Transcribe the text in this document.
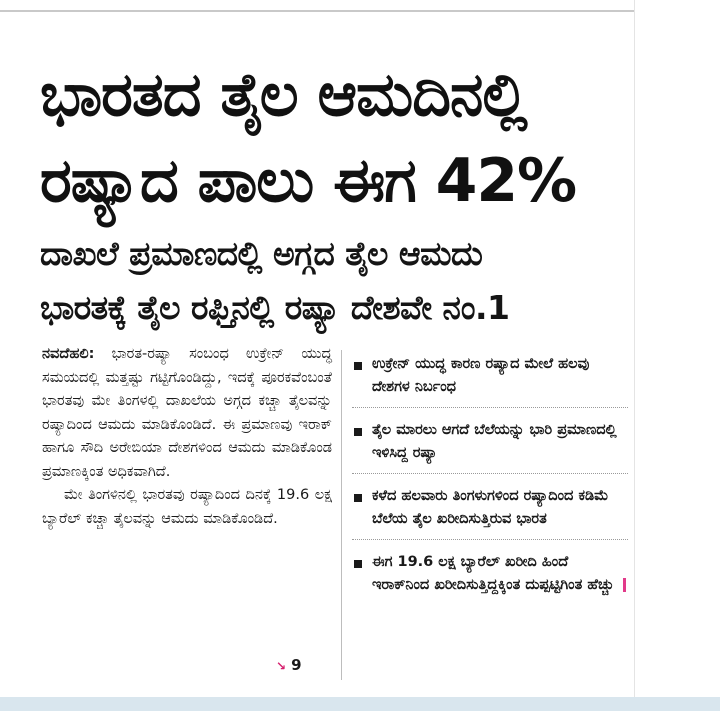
ಭಾರತದ ತೈಲ ಆಮದಿನಲ್ಲಿ
ರಷ್ಯಾದ ಪಾಲು ಈಗ 42%
ದಾಖಲೆ ಪ್ರಮಾಣದಲ್ಲಿ ಅಗ್ಗದ ತೈಲ ಆಮದು
ಭಾರತಕ್ಕೆ ತೈಲ ರಫ್ತಿನಲ್ಲಿ ರಷ್ಯಾ ದೇಶವೇ ನಂ.1

ನವದೆಹಲಿ: ಭಾರತ-ರಷ್ಯಾ ಸಂಬಂಧ ಉಕ್ರೇನ್ ಯುದ್ಧ ಸಮಯದಲ್ಲಿ ಮತ್ತಷ್ಟು ಗಟ್ಟಿಗೊಂಡಿದ್ದು, ಇದಕ್ಕೆ ಪೂರಕವೆಂಬಂತೆ ಭಾರತವು ಮೇ ತಿಂಗಳಲ್ಲಿ ದಾಖಲೆಯ ಅಗ್ಗದ ಕಚ್ಚಾ ತೈಲವನ್ನು ರಷ್ಯಾದಿಂದ ಆಮದು ಮಾಡಿಕೊಂಡಿದೆ. ಈ ಪ್ರಮಾಣವು ಇರಾಕ್ ಹಾಗೂ ಸೌದಿ ಅರೇಬಿಯಾ ದೇಶಗಳಿಂದ ಆಮದು ಮಾಡಿಕೊಂಡ ಪ್ರಮಾಣಕ್ಕಿಂತ ಅಧಿಕವಾಗಿದೆ.

ಮೇ ತಿಂಗಳಿನಲ್ಲಿ ಭಾರತವು ರಷ್ಯಾದಿಂದ ದಿನಕ್ಕೆ 19.6 ಲಕ್ಷ ಬ್ಯಾರೆಲ್ ಕಚ್ಚಾ ತೈಲವನ್ನು ಆಮದು ಮಾಡಿಕೊಂಡಿದೆ.

↘ 9
ಉಕ್ರೇನ್ ಯುದ್ಧ ಕಾರಣ ರಷ್ಯಾದ ಮೇಲೆ ಹಲವು ದೇಶಗಳ ನಿರ್ಬಂಧ
ತೈಲ ಮಾರಲು ಆಗದೆ ಬೆಲೆಯನ್ನು ಭಾರಿ ಪ್ರಮಾಣದಲ್ಲಿ ಇಳಿಸಿದ್ದ ರಷ್ಯಾ
ಕಳೆದ ಹಲವಾರು ತಿಂಗಳುಗಳಿಂದ ರಷ್ಯಾದಿಂದ ಕಡಿಮೆ ಬೆಲೆಯ ತೈಲ ಖರೀದಿಸುತ್ತಿರುವ ಭಾರತ
ಈಗ 19.6 ಲಕ್ಷ ಬ್ಯಾರೆಲ್ ಖರೀದಿ ಹಿಂದೆ ಇರಾಕ್‌ನಿಂದ ಖರೀದಿಸುತ್ತಿದ್ದಕ್ಕಿಂತ ದುಪ್ಪಟ್ಟಿಗಿಂತ ಹೆಚ್ಚು
